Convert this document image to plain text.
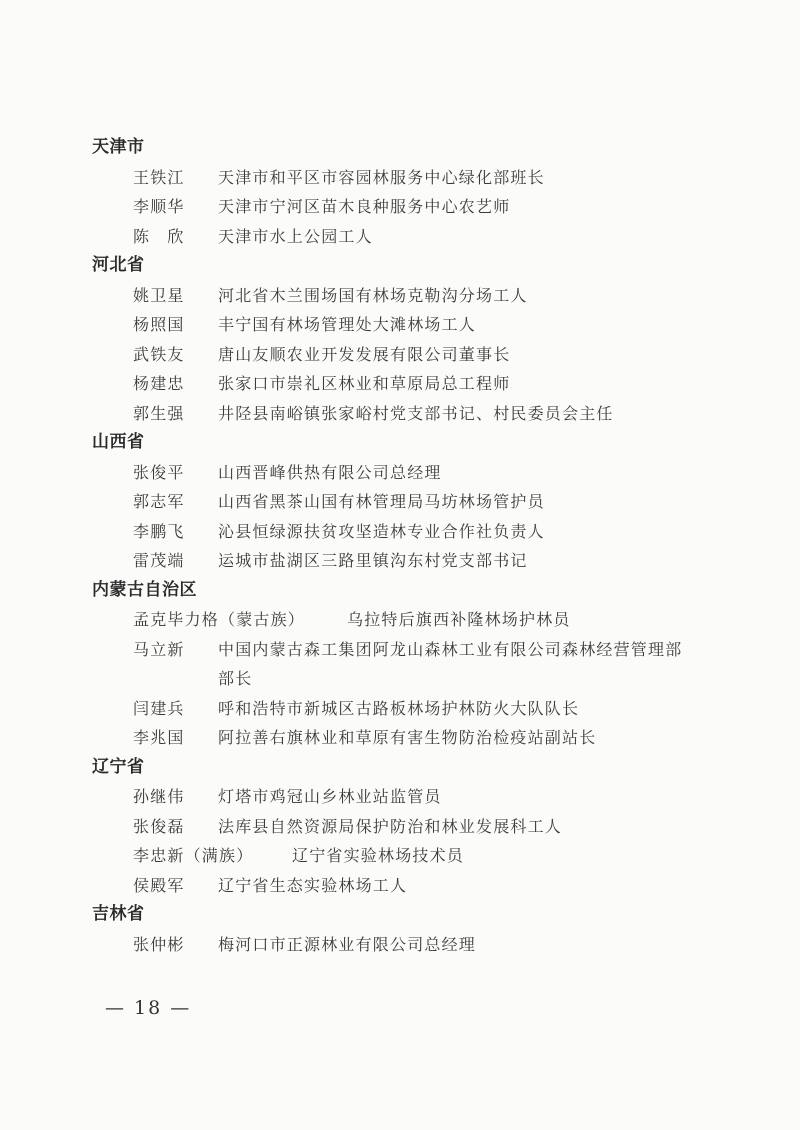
天津市
王铁江 天津市和平区市容园林服务中心绿化部班长
李顺华 天津市宁河区苗木良种服务中心农艺师
陈　欣 天津市水上公园工人
河北省
姚卫星 河北省木兰围场国有林场克勒沟分场工人
杨照国 丰宁国有林场管理处大滩林场工人
武铁友 唐山友顺农业开发发展有限公司董事长
杨建忠 张家口市崇礼区林业和草原局总工程师
郭生强 井陉县南峪镇张家峪村党支部书记、村民委员会主任
山西省
张俊平 山西晋峰供热有限公司总经理
郭志军 山西省黑茶山国有林管理局马坊林场管护员
李鹏飞 沁县恒绿源扶贫攻坚造林专业合作社负责人
雷茂端 运城市盐湖区三路里镇沟东村党支部书记
内蒙古自治区
孟克毕力格（蒙古族）	乌拉特后旗西补隆林场护林员
马立新 中国内蒙古森工集团阿龙山森林工业有限公司森林经营管理部部长
闫建兵 呼和浩特市新城区古路板林场护林防火大队队长
李兆国 阿拉善右旗林业和草原有害生物防治检疫站副站长
辽宁省
孙继伟 灯塔市鸡冠山乡林业站监管员
张俊磊 法库县自然资源局保护防治和林业发展科工人
李忠新（满族） 辽宁省实验林场技术员
侯殿军 辽宁省生态实验林场工人
吉林省
张仲彬 梅河口市正源林业有限公司总经理
— 18 —
